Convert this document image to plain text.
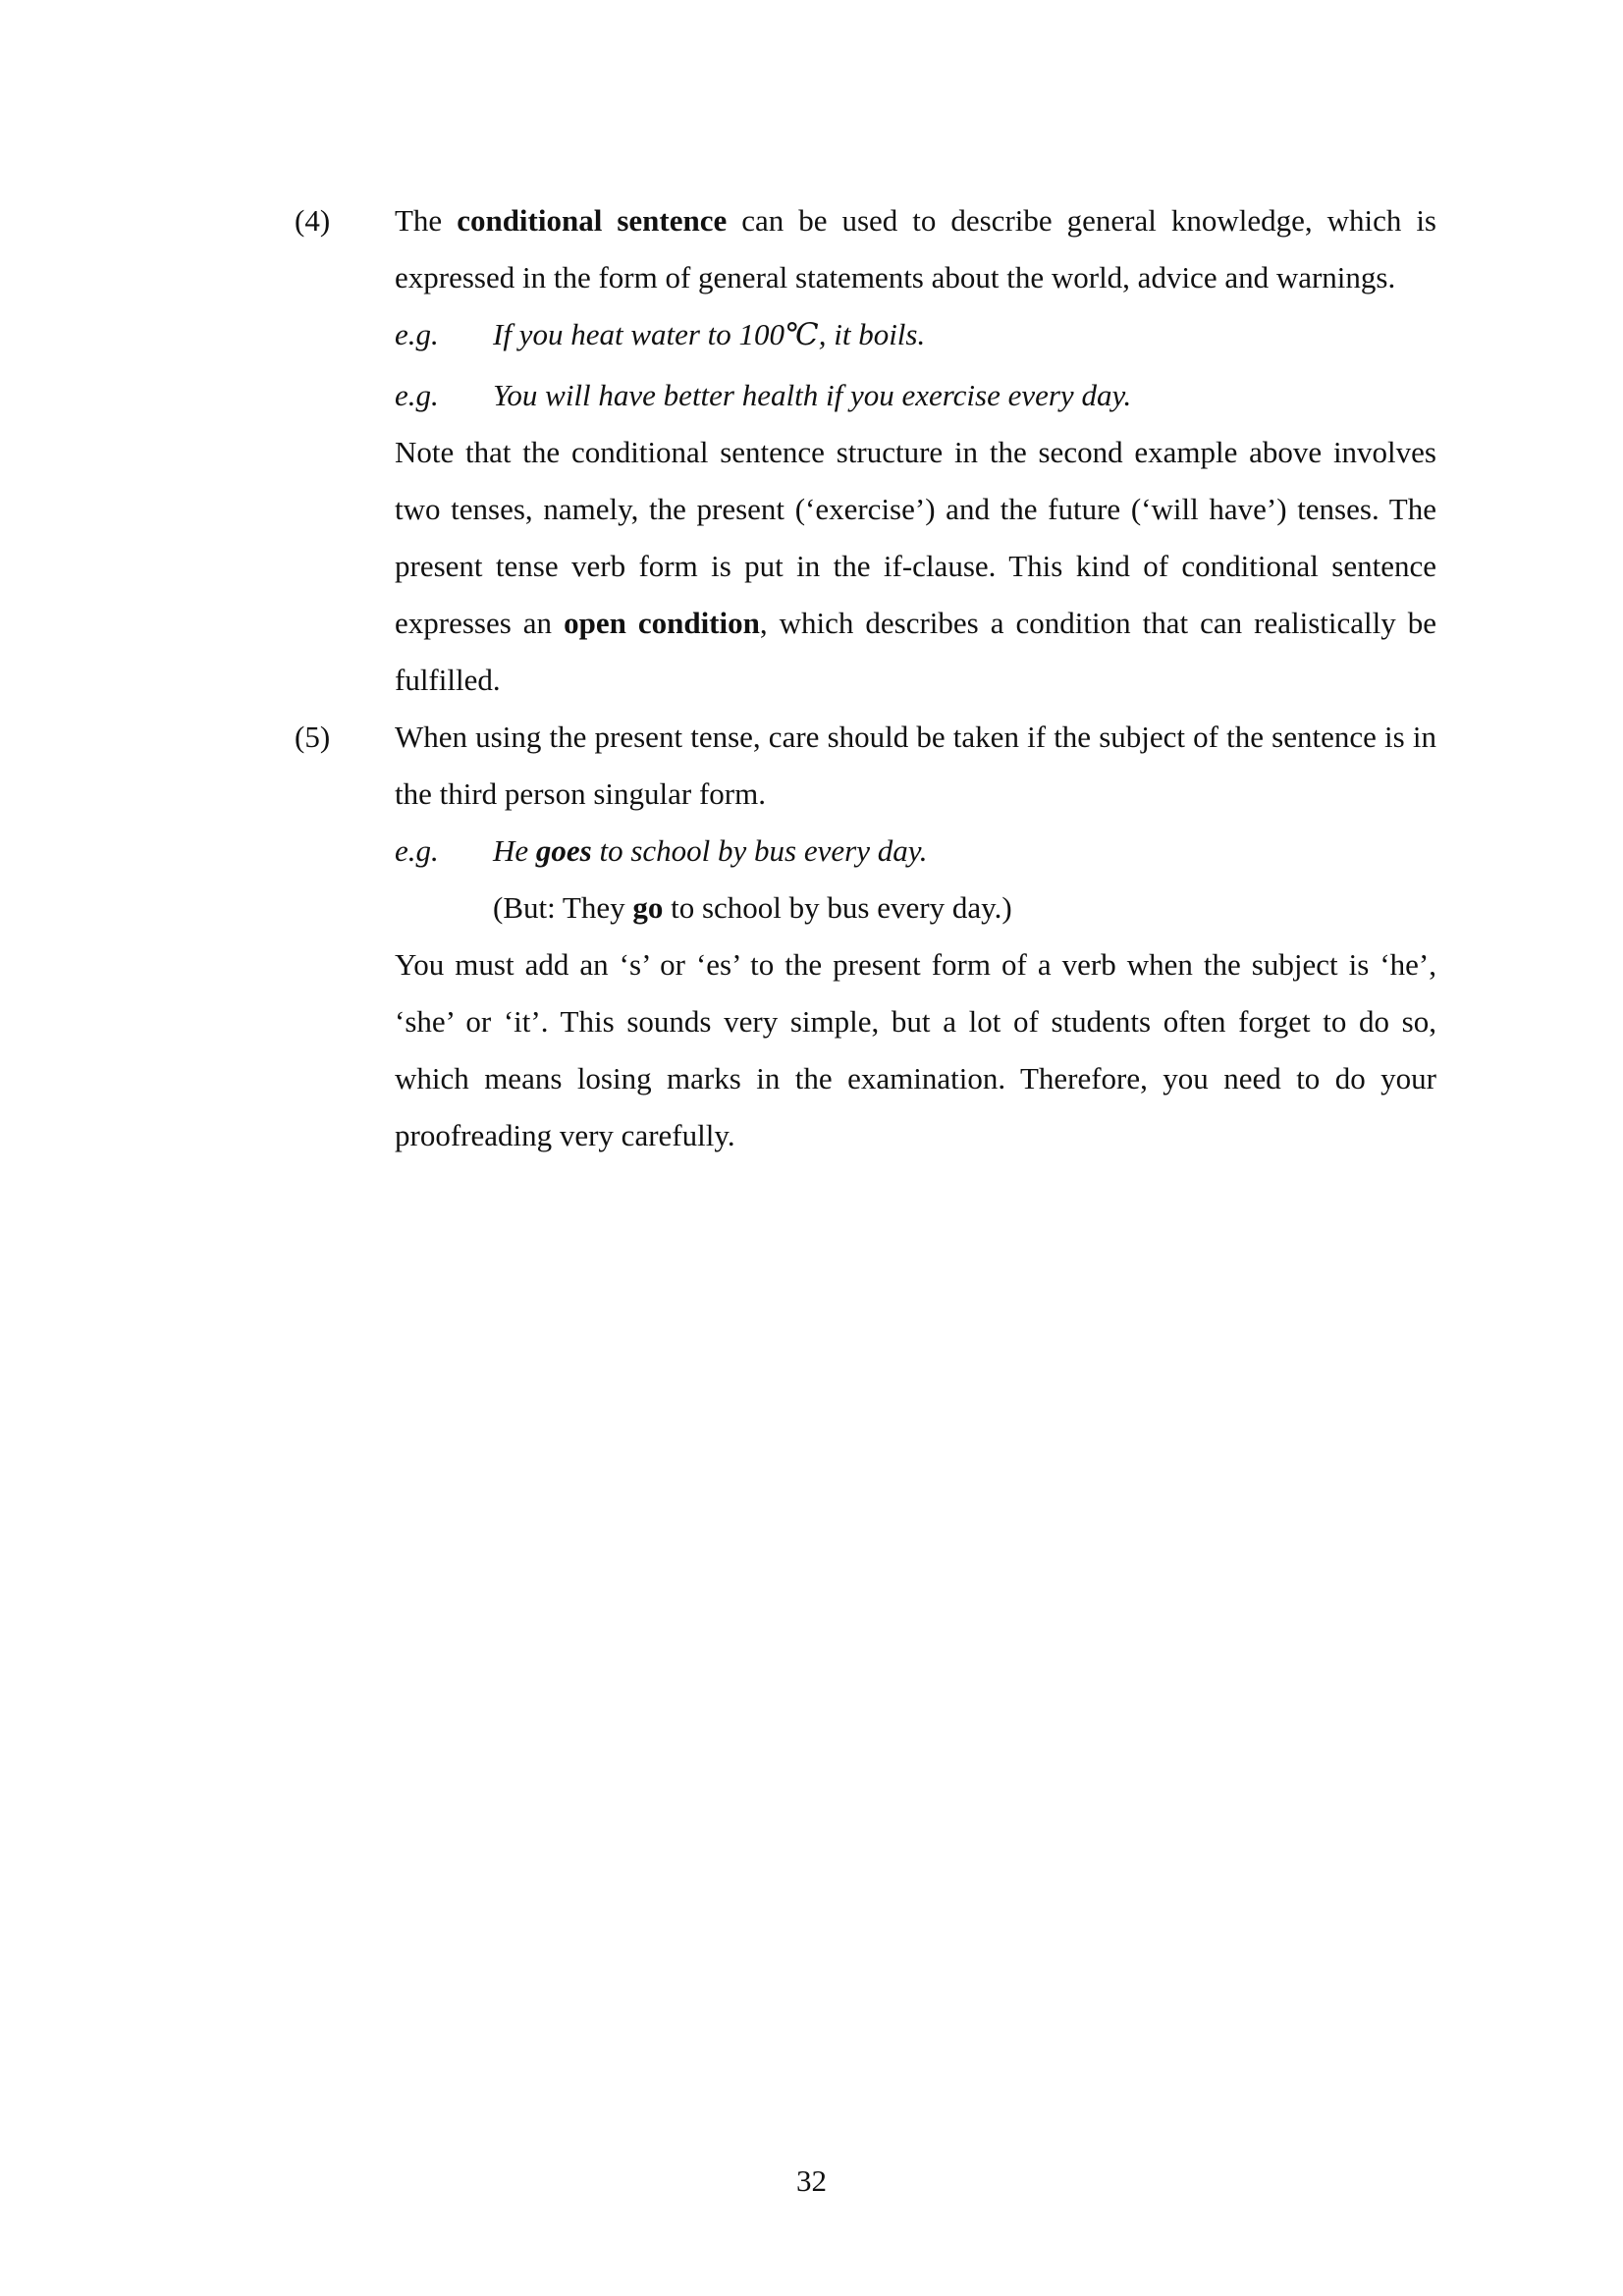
(4) The conditional sentence can be used to describe general knowledge, which is expressed in the form of general statements about the world, advice and warnings.

e.g. If you heat water to 100℃, it boils.
e.g. You will have better health if you exercise every day.

Note that the conditional sentence structure in the second example above involves two tenses, namely, the present (‘exercise’) and the future (‘will have’) tenses. The present tense verb form is put in the if-clause. This kind of conditional sentence expresses an open condition, which describes a condition that can realistically be fulfilled.

(5) When using the present tense, care should be taken if the subject of the sentence is in the third person singular form.

e.g. He goes to school by bus every day.
(But: They go to school by bus every day.)

You must add an ‘s’ or ‘es’ to the present form of a verb when the subject is ‘he’, ‘she’ or ‘it’. This sounds very simple, but a lot of students often forget to do so, which means losing marks in the examination. Therefore, you need to do your proofreading very carefully.

32
